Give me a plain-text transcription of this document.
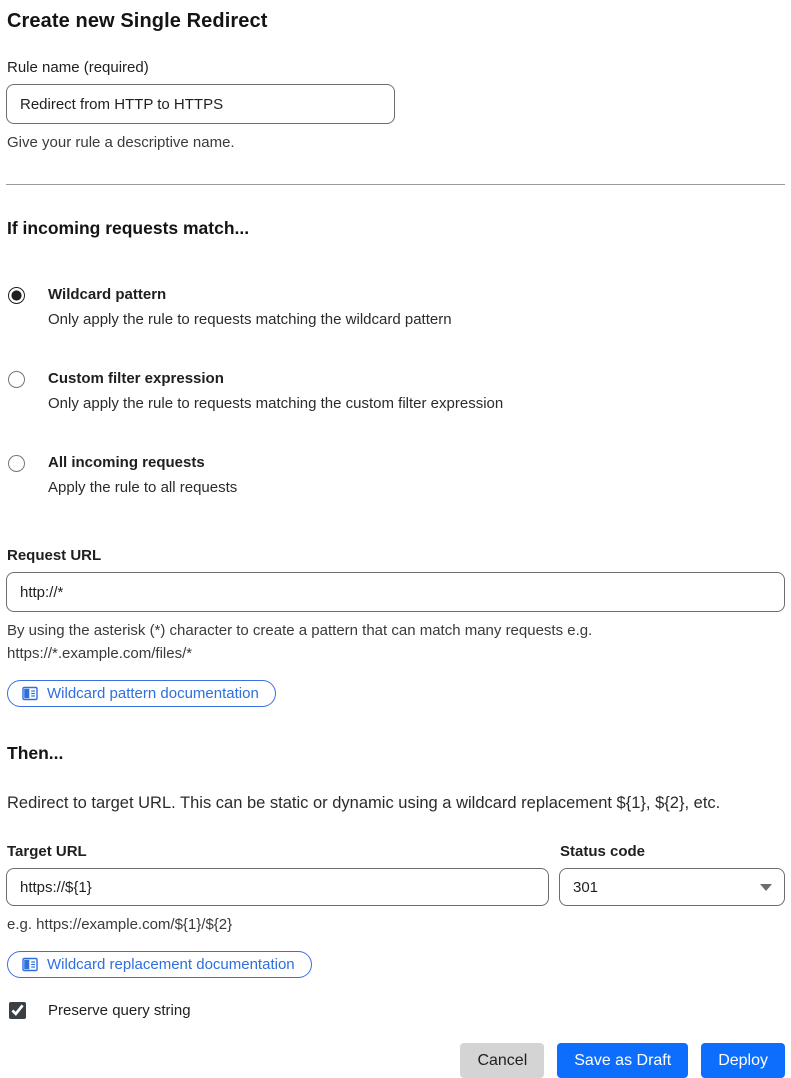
Create new Single Redirect
Rule name (required)
Redirect from HTTP to HTTPS
Give your rule a descriptive name.
If incoming requests match...
Wildcard pattern
Only apply the rule to requests matching the wildcard pattern
Custom filter expression
Only apply the rule to requests matching the custom filter expression
All incoming requests
Apply the rule to all requests
Request URL
http://*
By using the asterisk (*) character to create a pattern that can match many requests e.g.
https://*.example.com/files/*
Wildcard pattern documentation
Then...

Redirect to target URL. This can be static or dynamic using a wildcard replacement ${1}, ${2}, etc.

Target URL
https://${1}
e.g. https://example.com/${1}/${2}
Wildcard replacement documentation
Status code
301
Preserve query string
Cancel	Save as Draft	Deploy
